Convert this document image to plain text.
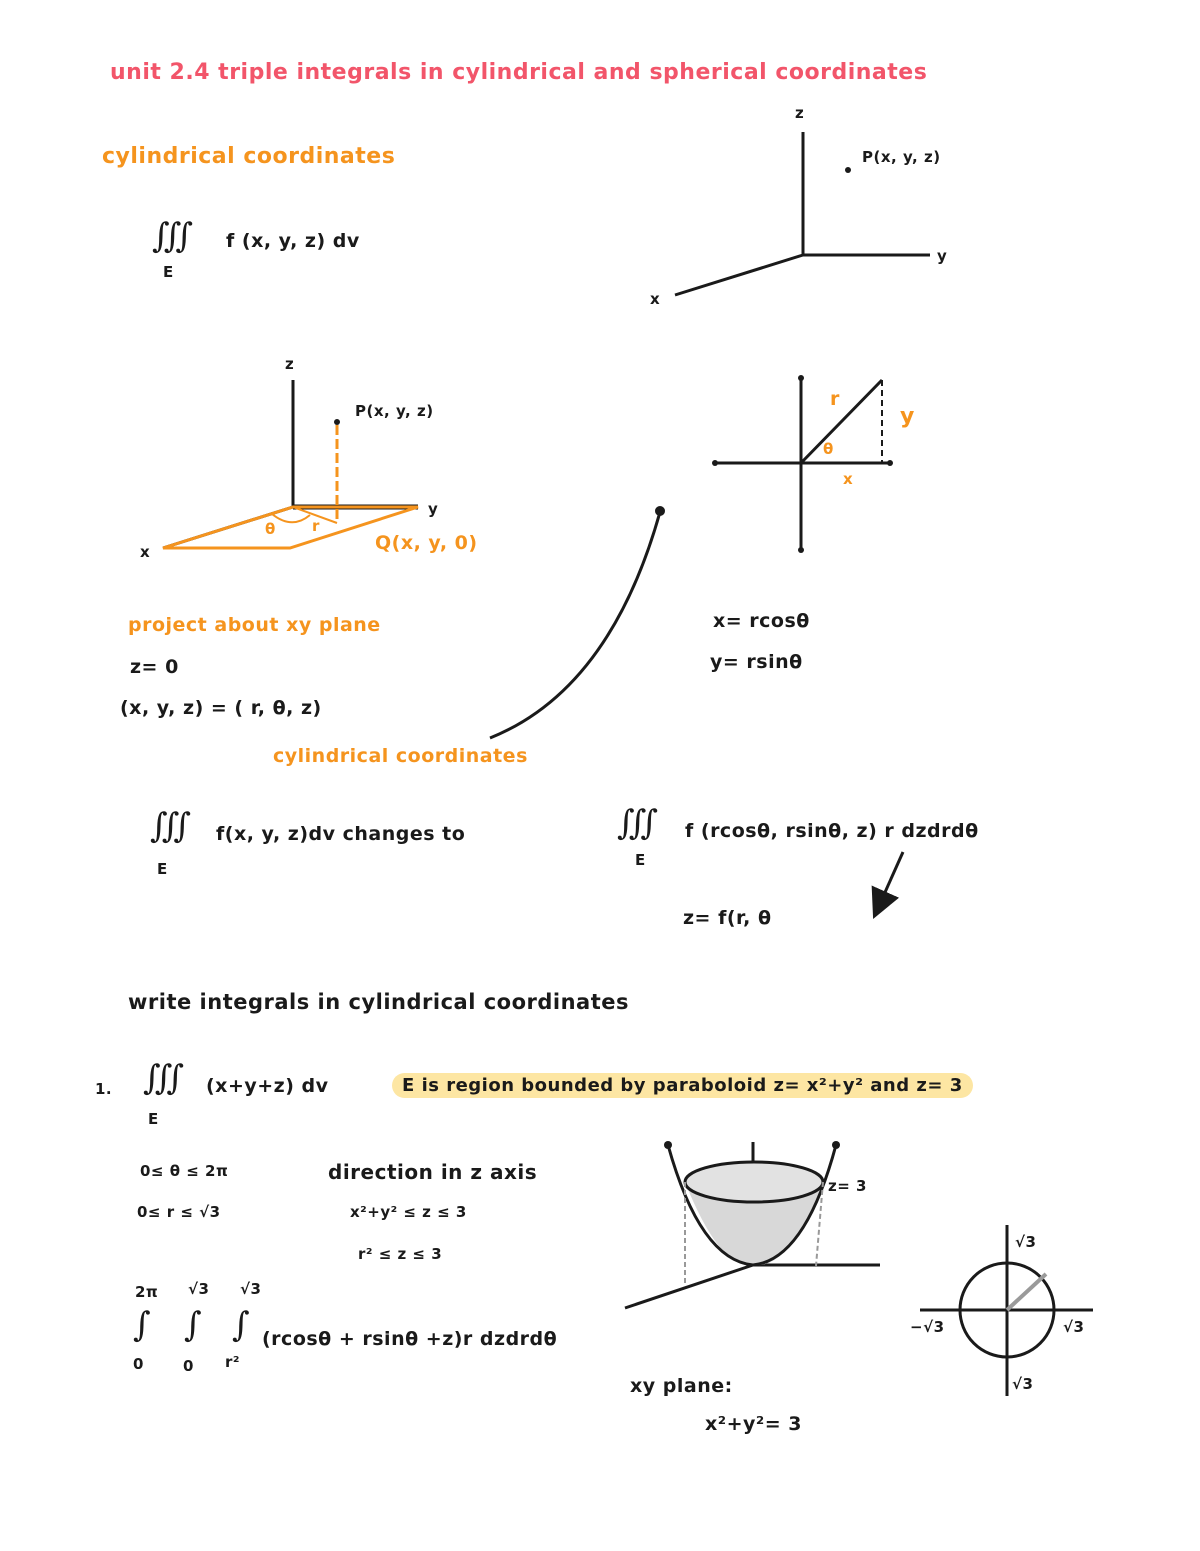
unit 2.4 triple integrals in cylindrical and spherical coordinates
cylindrical coordinates
∫∫∫ f (x, y, z) dv
E
z
P(x, y, z)
y
x
z
P(x, y, z)
y
x	Q(x, y, 0)
θ r
r
y
θ
x
project about xy plane
z= 0
(x, y, z) = ( r, θ, z)
cylindrical coordinates
x= rcosθ
y= rsinθ
∫∫∫ f(x, y, z)dv changes to
E
∫∫∫ f (rcosθ, rsinθ, z) r dzdrdθ
E
z= f(r, θ
write integrals in cylindrical coordinates
1. ∫∫∫ (x+y+z) dv
E
E is region bounded by paraboloid z= x²+y² and z= 3
0≤ θ ≤ 2π
0≤ r ≤ √3
direction in z axis
x²+y² ≤ z ≤ 3
r² ≤ z ≤ 3
2π √3 √3
∫ ∫ ∫ (rcosθ + rsinθ +z)r dzdrdθ
0	0 r²
z= 3
xy plane:
x²+y²= 3
√3
−√3	√3
√3
